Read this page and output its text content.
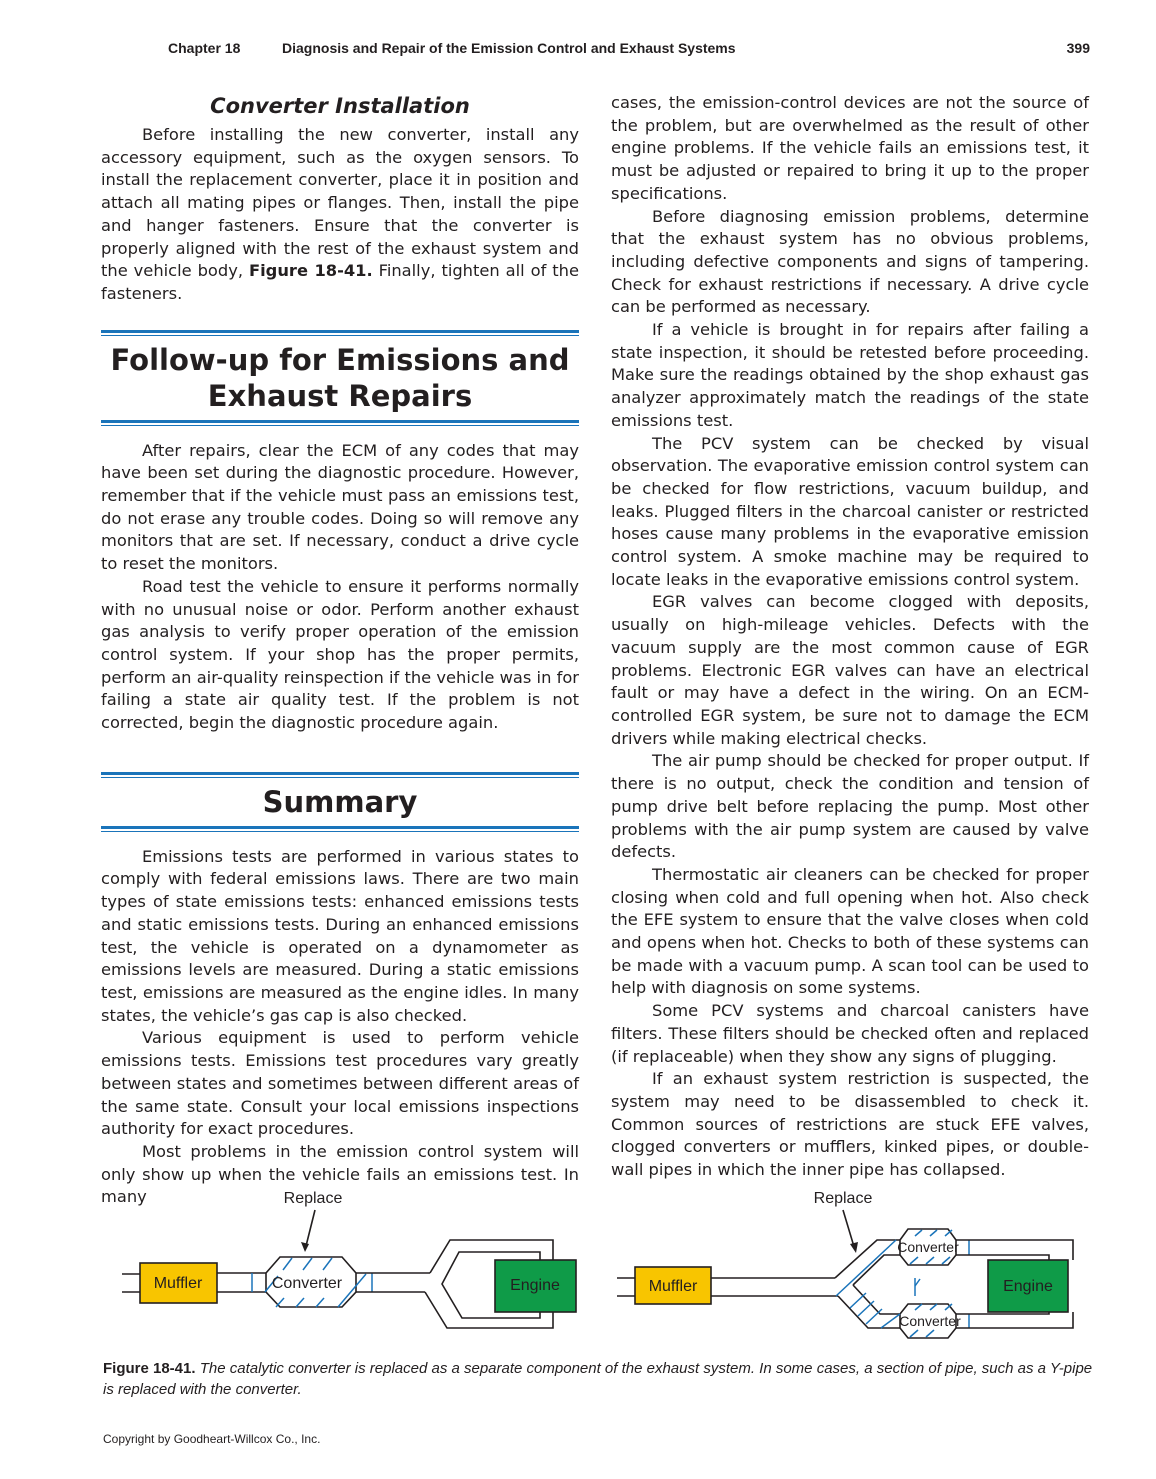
Chapter 18	Diagnosis and Repair of the Emission Control and Exhaust Systems	399
Converter Installation

Before installing the new converter, install any accessory equipment, such as the oxygen sensors. To install the replacement converter, place it in position and attach all mating pipes or flanges. Then, install the pipe and hanger fasteners. Ensure that the converter is properly aligned with the rest of the exhaust system and the vehicle body, Figure 18-41. Finally, tighten all of the fasteners.

Follow-up for Emissions and Exhaust Repairs

After repairs, clear the ECM of any codes that may have been set during the diagnostic procedure. However, remember that if the vehicle must pass an emissions test, do not erase any trouble codes. Doing so will remove any monitors that are set. If necessary, conduct a drive cycle to reset the monitors.

Road test the vehicle to ensure it performs normally with no unusual noise or odor. Perform another exhaust gas analysis to verify proper operation of the emission control system. If your shop has the proper permits, perform an air-quality reinspection if the vehicle was in for failing a state air quality test. If the problem is not corrected, begin the diagnostic procedure again.

Summary

Emissions tests are performed in various states to comply with federal emissions laws. There are two main types of state emissions tests: enhanced emissions tests and static emissions tests. During an enhanced emissions test, the vehicle is operated on a dynamometer as emissions levels are measured. During a static emissions test, emissions are measured as the engine idles. In many states, the vehicle’s gas cap is also checked.

Various equipment is used to perform vehicle emissions tests. Emissions test procedures vary greatly between states and sometimes between different areas of the same state. Consult your local emissions inspections authority for exact procedures.

Most problems in the emission control system will only show up when the vehicle fails an emissions test. In many

cases, the emission-control devices are not the source of the problem, but are overwhelmed as the result of other engine problems. If the vehicle fails an emissions test, it must be adjusted or repaired to bring it up to the proper specifications.

Before diagnosing emission problems, determine that the exhaust system has no obvious problems, including defective components and signs of tampering. Check for exhaust restrictions if necessary. A drive cycle can be performed as necessary.

If a vehicle is brought in for repairs after failing a state inspection, it should be retested before proceeding. Make sure the readings obtained by the shop exhaust gas analyzer approximately match the readings of the state emissions test.

The PCV system can be checked by visual observation. The evaporative emission control system can be checked for flow restrictions, vacuum buildup, and leaks. Plugged filters in the charcoal canister or restricted hoses cause many problems in the evaporative emission control system. A smoke machine may be required to locate leaks in the evaporative emissions control system.

EGR valves can become clogged with deposits, usually on high-mileage vehicles. Defects with the vacuum supply are the most common cause of EGR problems. Electronic EGR valves can have an electrical fault or may have a defect in the wiring. On an ECM-controlled EGR system, be sure not to damage the ECM drivers while making electrical checks.

The air pump should be checked for proper output. If there is no output, check the condition and tension of pump drive belt before replacing the pump. Most other problems with the air pump system are caused by valve defects.

Thermostatic air cleaners can be checked for proper closing when cold and full opening when hot. Also check the EFE system to ensure that the valve closes when cold and opens when hot. Checks to both of these systems can be made with a vacuum pump. A scan tool can be used to help with diagnosis on some systems.

Some PCV systems and charcoal canisters have filters. These filters should be checked often and replaced (if replaceable) when they show any signs of plugging.

If an exhaust system restriction is suspected, the system may need to be disassembled to check it. Common sources of restrictions are stuck EFE valves, clogged converters or mufflers, kinked pipes, or double-wall pipes in which the inner pipe has collapsed.

Replace
Muffler	Converter	Engine
Replace
Muffler
Converter
Converter
Engine
Figure 18-41. The catalytic converter is replaced as a separate component of the exhaust system. In some cases, a section of pipe, such as a Y-pipe is replaced with the converter.
Copyright by Goodheart-Willcox Co., Inc.
